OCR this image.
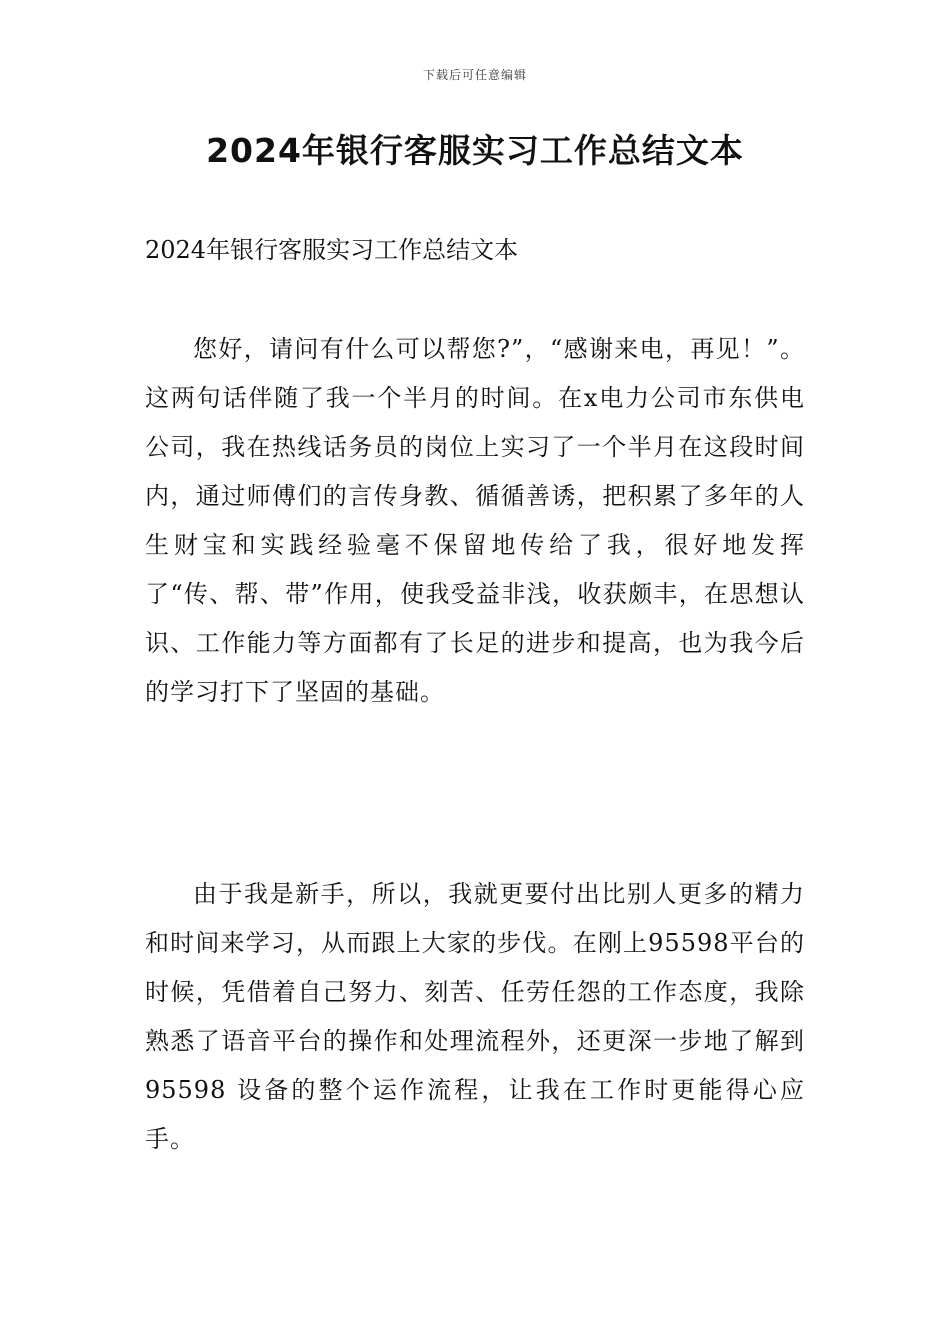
下载后可任意编辑
2024年银行客服实习工作总结文本

2024年银行客服实习工作总结文本

您好，请问有什么可以帮您?”，“感谢来电，再见！”。这两句话伴随了我一个半月的时间。在x电力公司市东供电公司，我在热线话务员的岗位上实习了一个半月在这段时间内，通过师傅们的言传身教、循循善诱，把积累了多年的人生财宝和实践经验毫不保留地传给了我，很好地发挥了“传、帮、带”作用，使我受益非浅，收获颇丰，在思想认识、工作能力等方面都有了长足的进步和提高，也为我今后的学习打下了坚固的基础。

由于我是新手，所以，我就更要付出比别人更多的精力和时间来学习，从而跟上大家的步伐。在刚上95598平台的时候，凭借着自己努力、刻苦、任劳任怨的工作态度，我除熟悉了语音平台的操作和处理流程外，还更深一步地了解到95598 设备的整个运作流程，让我在工作时更能得心应手。
